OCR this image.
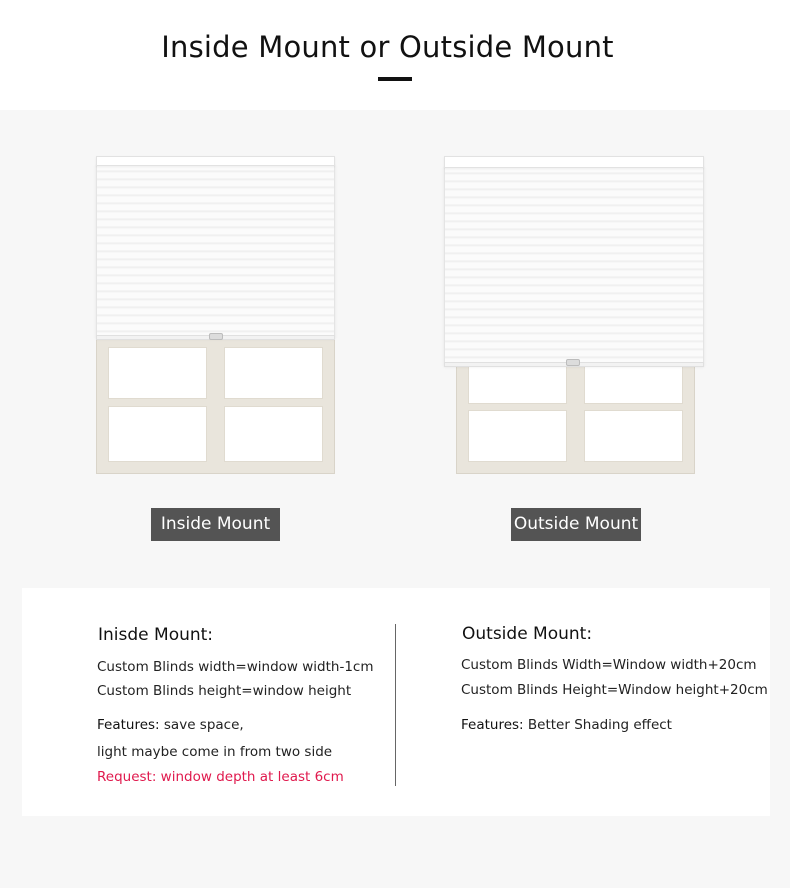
Inside Mount or Outside Mount
Inside Mount	Outside Mount
Inisde Mount:
Custom Blinds width=window width-1cm
Custom Blinds height=window height
Features: save space,
light maybe come in from two side
Request: window depth at least 6cm
Outside Mount:
Custom Blinds Width=Window width+20cm
Custom Blinds Height=Window height+20cm
Features: Better Shading effect
